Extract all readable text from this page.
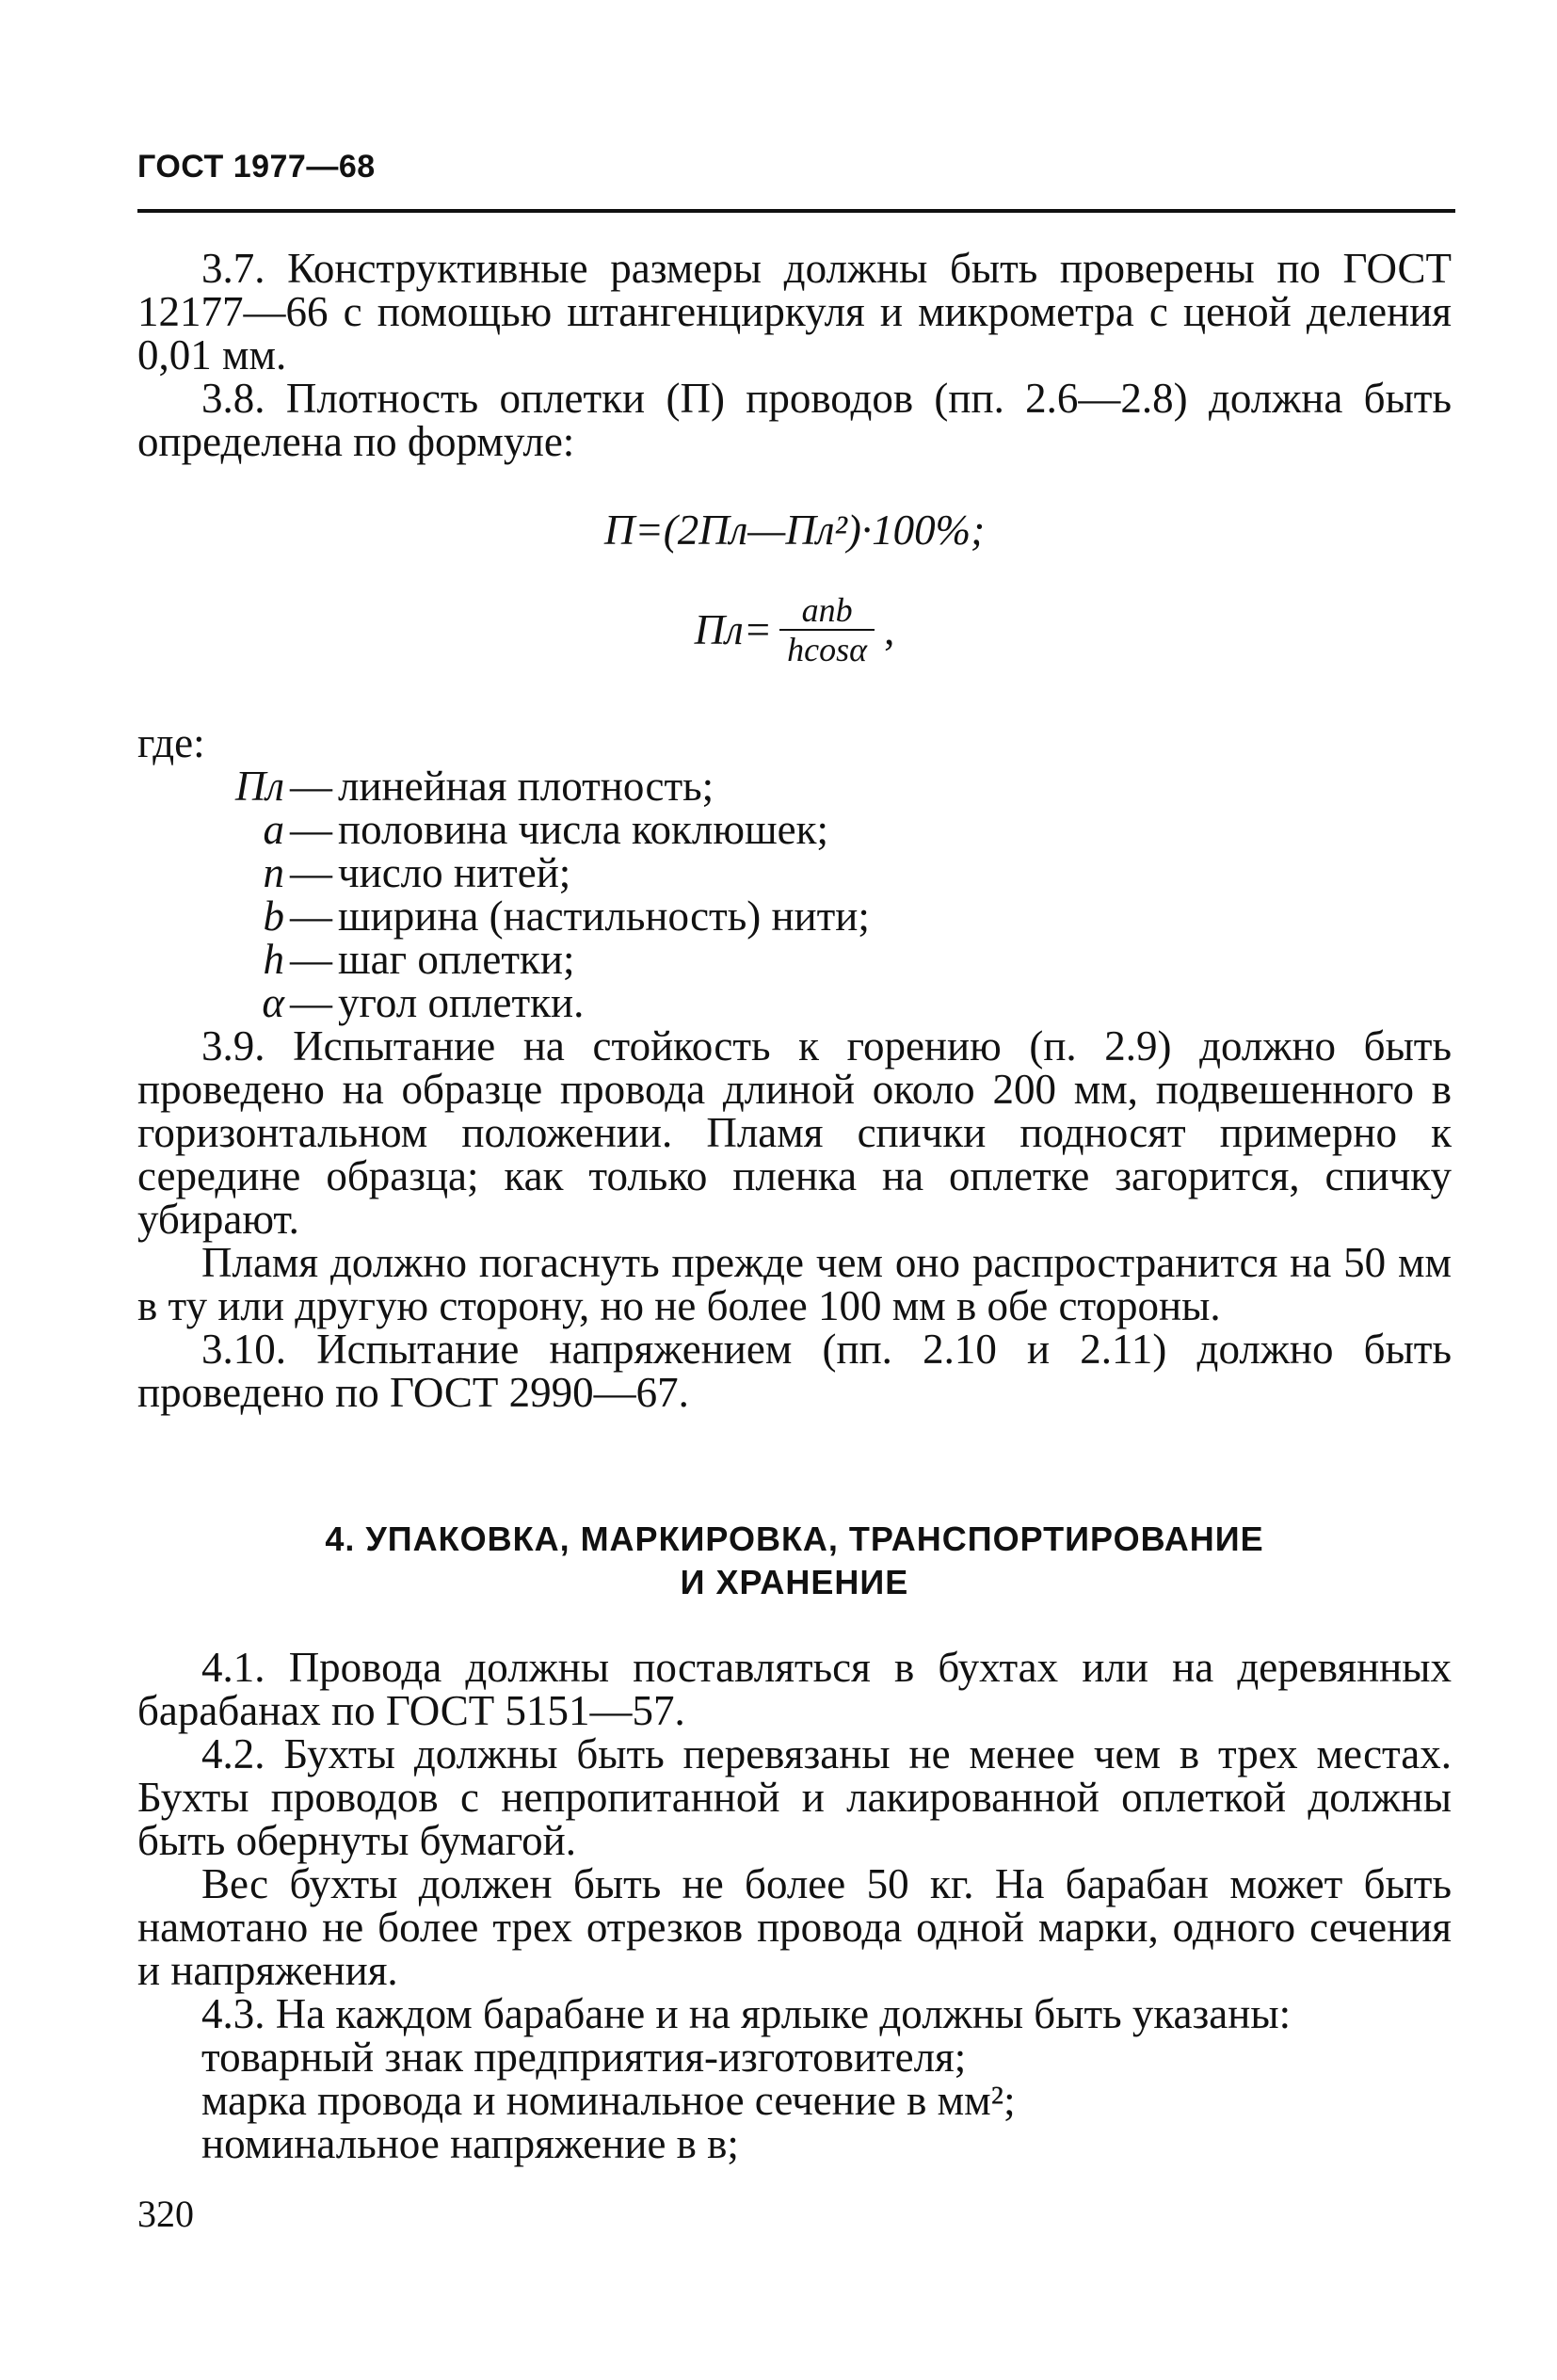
ГОСТ 1977—68

3.7. Конструктивные размеры должны быть проверены по ГОСТ 12177—66 с помощью штангенциркуля и микрометра с ценой деления 0,01 мм.

3.8. Плотность оплетки (П) проводов (пп. 2.6—2.8) должна быть определена по формуле:

П=(2Пл—Пл²)·100%;

$Пл= \frac{\text{anb}}{hcos\alpha}$ ,

где:

Пл — линейная плотность;
a — половина числа коклюшек;
n — число нитей;
b — ширина (настильность) нити;
h — шаг оплетки;
α — угол оплетки.

3.9. Испытание на стойкость к горению (п. 2.9) должно быть проведено на образце провода длиной около 200 мм, подвешенного в горизонтальном положении. Пламя спички подносят примерно к середине образца; как только пленка на оплетке загорится, спичку убирают.

Пламя должно погаснуть прежде чем оно распространится на 50 мм в ту или другую сторону, но не более 100 мм в обе стороны.

3.10. Испытание напряжением (пп. 2.10 и 2.11) должно быть проведено по ГОСТ 2990—67.

4. УПАКОВКА, МАРКИРОВКА, ТРАНСПОРТИРОВАНИЕ
И ХРАНЕНИЕ

4.1. Провода должны поставляться в бухтах или на деревянных барабанах по ГОСТ 5151—57.

4.2. Бухты должны быть перевязаны не менее чем в трех местах. Бухты проводов с непропитанной и лакированной оплеткой должны быть обернуты бумагой.

Вес бухты должен быть не более 50 кг. На барабан может быть намотано не более трех отрезков провода одной марки, одного сечения и напряжения.

4.3. На каждом барабане и на ярлыке должны быть указаны:

товарный знак предприятия-изготовителя;

марка провода и номинальное сечение в мм²;

номинальное напряжение в в;

320
